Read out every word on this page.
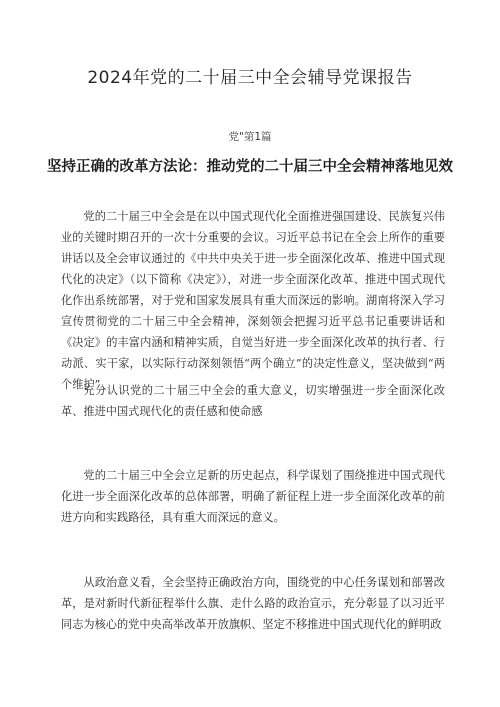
2024年党的二十届三中全会辅导党课报告
党"第1篇
坚持正确的改革方法论：推动党的二十届三中全会精神落地见效

党的二十届三中全会是在以中国式现代化全面推进强国建设、民族复兴伟业的关键时期召开的一次十分重要的会议。习近平总书记在全会上所作的重要讲话以及全会审议通过的《中共中央关于进一步全面深化改革、推进中国式现代化的决定》（以下简称《决定》），对进一步全面深化改革、推进中国式现代化作出系统部署，对于党和国家发展具有重大而深远的影响。湖南将深入学习宣传贯彻党的二十届三中全会精神，深刻领会把握习近平总书记重要讲话和《决定》的丰富内涵和精神实质，自觉当好进一步全面深化改革的执行者、行动派、实干家，以实际行动深刻领悟“两个确立”的决定性意义，坚决做到“两个维护”。

充分认识党的二十届三中全会的重大意义，切实增强进一步全面深化改革、推进中国式现代化的责任感和使命感

党的二十届三中全会立足新的历史起点，科学谋划了围绕推进中国式现代化进一步全面深化改革的总体部署，明确了新征程上进一步全面深化改革的前进方向和实践路径，具有重大而深远的意义。

从政治意义看，全会坚持正确政治方向，围绕党的中心任务谋划和部署改革，是对新时代新征程举什么旗、走什么路的政治宣示，充分彰显了以习近平同志为核心的党中央高举改革开放旗帜、坚定不移推进中国式现代化的鲜明政
